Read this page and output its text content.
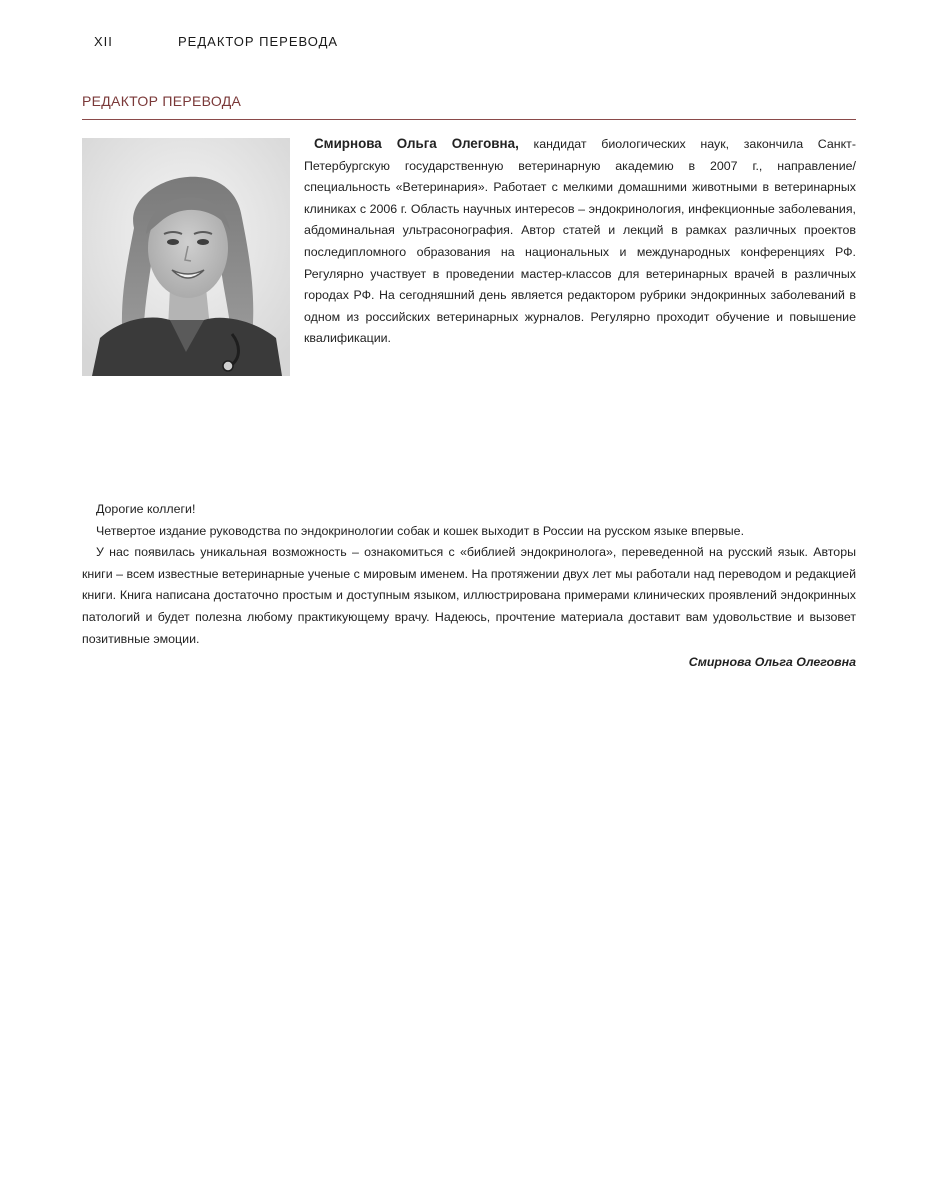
XII	РЕДАКТОР ПЕРЕВОДА
РЕДАКТОР ПЕРЕВОДА
Смирнова Ольга Олеговна, кандидат биологических наук, закончила Санкт-Петербургскую государственную ветеринарную академию в 2007 г., направление/специальность «Ветеринария». Работает с мелкими домашними животными в ветеринарных клиниках с 2006 г. Область научных интересов – эндокринология, инфекционные заболевания, абдоминальная ультрасонография. Автор статей и лекций в рамках различных проектов последипломного образования на национальных и международных конференциях РФ. Регулярно участвует в проведении мастер-классов для ветеринарных врачей в различных городах РФ. На сегодняшний день является редактором рубрики эндокринных заболеваний в одном из российских ветеринарных журналов. Регулярно проходит обучение и повышение квалификации.

Дорогие коллеги!

Четвертое издание руководства по эндокринологии собак и кошек выходит в России на русском языке впервые.

У нас появилась уникальная возможность – ознакомиться с «библией эндокринолога», переведенной на русский язык. Авторы книги – всем известные ветеринарные ученые с мировым именем. На протяжении двух лет мы работали над переводом и редакцией книги. Книга написана достаточно простым и доступным языком, иллюстрирована примерами клинических проявлений эндокринных патологий и будет полезна любому практикующему врачу. Надеюсь, прочтение материала доставит вам удовольствие и вызовет позитивные эмоции.

Смирнова Ольга Олеговна
